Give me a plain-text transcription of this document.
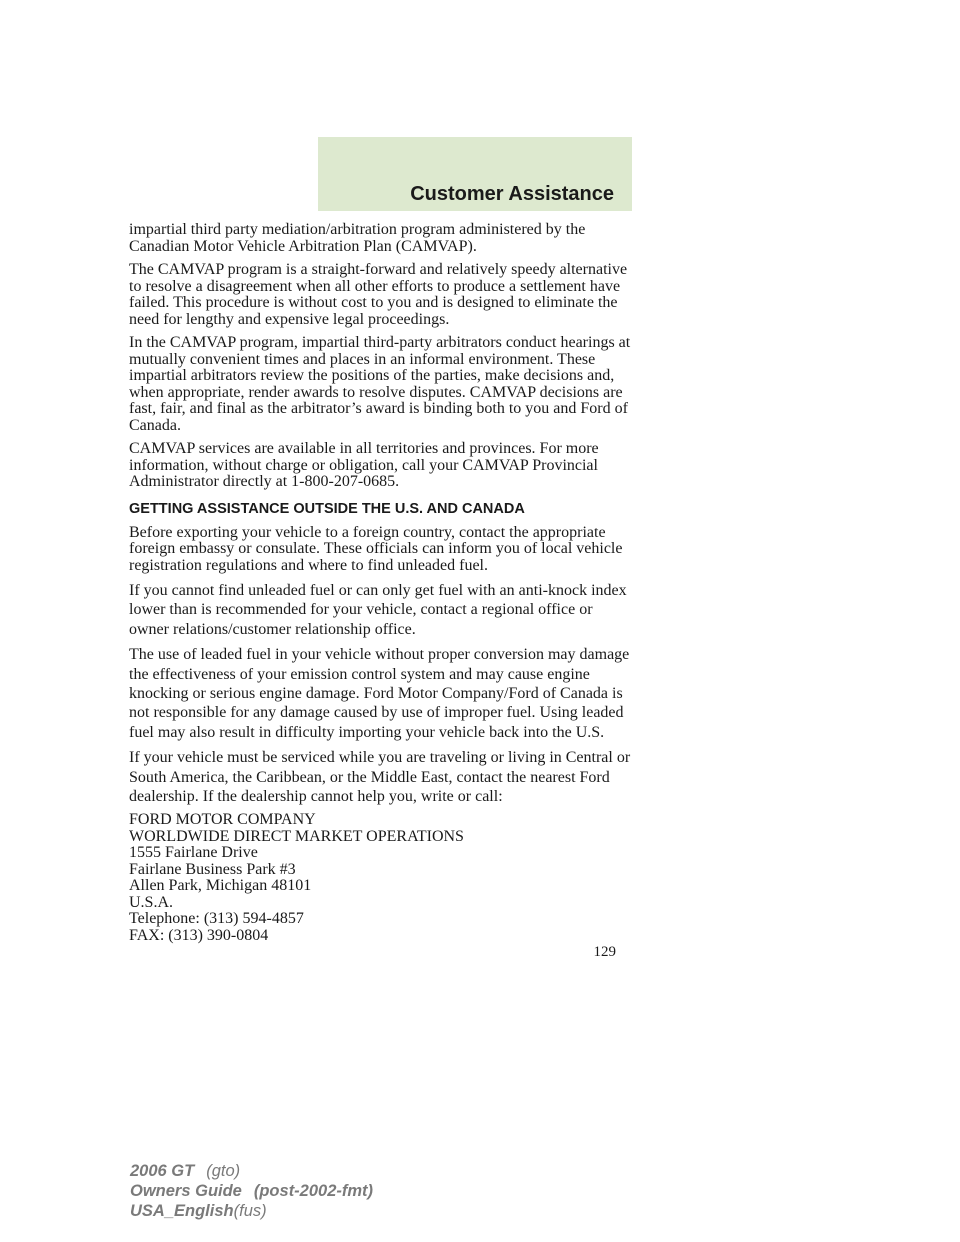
Customer Assistance

impartial third party mediation/arbitration program administered by the Canadian Motor Vehicle Arbitration Plan (CAMVAP).

The CAMVAP program is a straight-forward and relatively speedy alternative to resolve a disagreement when all other efforts to produce a settlement have failed. This procedure is without cost to you and is designed to eliminate the need for lengthy and expensive legal proceedings.

In the CAMVAP program, impartial third-party arbitrators conduct hearings at mutually convenient times and places in an informal environment. These impartial arbitrators review the positions of the parties, make decisions and, when appropriate, render awards to resolve disputes. CAMVAP decisions are fast, fair, and final as the arbitrator’s award is binding both to you and Ford of Canada.

CAMVAP services are available in all territories and provinces. For more information, without charge or obligation, call your CAMVAP Provincial Administrator directly at 1-800-207-0685.

GETTING ASSISTANCE OUTSIDE THE U.S. AND CANADA

Before exporting your vehicle to a foreign country, contact the appropriate foreign embassy or consulate. These officials can inform you of local vehicle registration regulations and where to find unleaded fuel.

If you cannot find unleaded fuel or can only get fuel with an anti-knock index lower than is recommended for your vehicle, contact a regional office or owner relations/customer relationship office.

The use of leaded fuel in your vehicle without proper conversion may damage the effectiveness of your emission control system and may cause engine knocking or serious engine damage. Ford Motor Company/Ford of Canada is not responsible for any damage caused by use of improper fuel. Using leaded fuel may also result in difficulty importing your vehicle back into the U.S.

If your vehicle must be serviced while you are traveling or living in Central or South America, the Caribbean, or the Middle East, contact the nearest Ford dealership. If the dealership cannot help you, write or call:

FORD MOTOR COMPANY
WORLDWIDE DIRECT MARKET OPERATIONS
1555 Fairlane Drive
Fairlane Business Park #3
Allen Park, Michigan 48101
U.S.A.
Telephone: (313) 594-4857
FAX: (313) 390-0804
129
2006 GT (gto)
Owners Guide (post-2002-fmt)
USA_English(fus)
